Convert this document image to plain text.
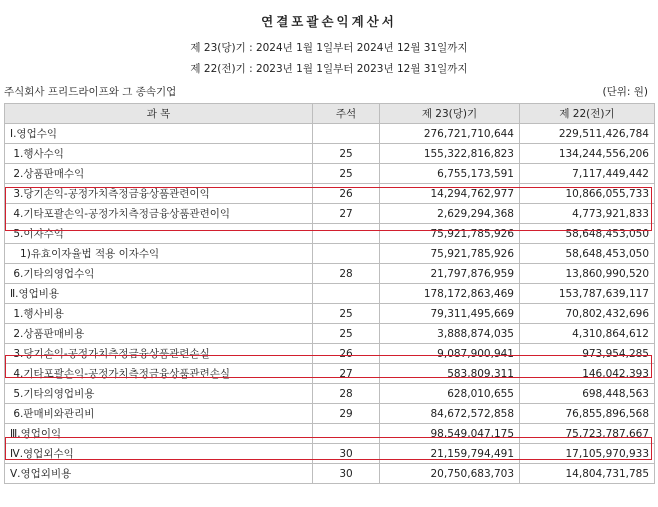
연결포괄손익계산서
제 23(당)기 : 2024년 1월 1일부터 2024년 12월 31일까지
제 22(전)기 : 2023년 1월 1일부터 2023년 12월 31일까지
주식회사 프리드라이프와 그 종속기업	(단위: 원)
과 목	주석	제 23(당)기	제 22(전)기
Ⅰ.영업수익		276,721,710,644	229,511,426,784
1.행사수익	25	155,322,816,823	134,244,556,206
2.상품판매수익	25	6,755,173,591	7,117,449,442
3.당기손익-공정가치측정금융상품관련이익	26	14,294,762,977	10,866,055,733
4.기타포괄손익-공정가치측정금융상품관련이익	27	2,629,294,368	4,773,921,833
5.이자수익		75,921,785,926	58,648,453,050
1)유효이자율법 적용 이자수익		75,921,785,926	58,648,453,050
6.기타의영업수익	28	21,797,876,959	13,860,990,520
Ⅱ.영업비용		178,172,863,469	153,787,639,117
1.행사비용	25	79,311,495,669	70,802,432,696
2.상품판매비용	25	3,888,874,035	4,310,864,612
3.당기손익-공정가치측정금융상품관련손실	26	9,087,900,941	973,954,285
4.기타포괄손익-공정가치측정금융상품관련손실	27	583,809,311	146,042,393
5.기타의영업비용	28	628,010,655	698,448,563
6.판매비와관리비	29	84,672,572,858	76,855,896,568
Ⅲ.영업이익		98,549,047,175	75,723,787,667
Ⅳ.영업외수익	30	21,159,794,491	17,105,970,933
Ⅴ.영업외비용	30	20,750,683,703	14,804,731,785
